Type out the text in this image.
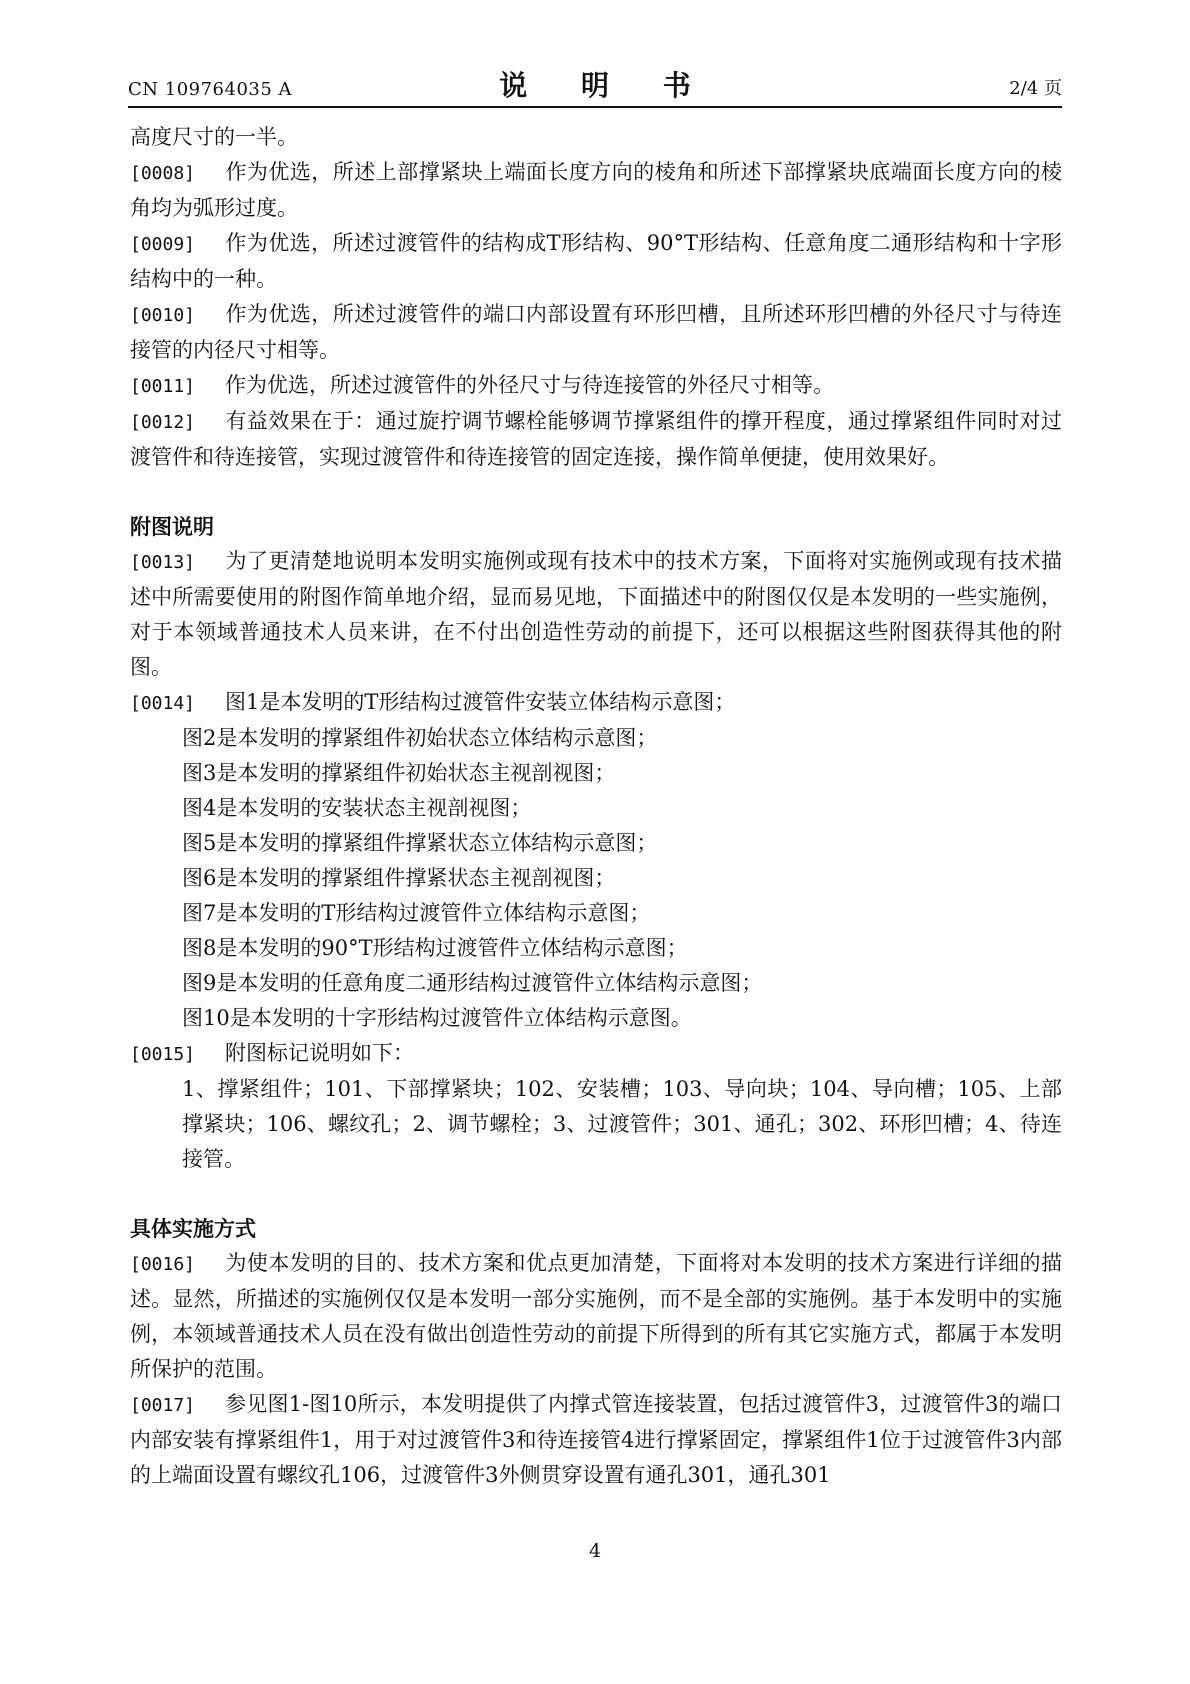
CN 109764035 A	说 明 书	2/4 页

高度尺寸的一半。

[0008] 作为优选，所述上部撑紧块上端面长度方向的棱角和所述下部撑紧块底端面长度方向的棱角均为弧形过度。

[0009] 作为优选，所述过渡管件的结构成T形结构、90°T形结构、任意角度二通形结构和十字形结构中的一种。

[0010] 作为优选，所述过渡管件的端口内部设置有环形凹槽，且所述环形凹槽的外径尺寸与待连接管的内径尺寸相等。

[0011] 作为优选，所述过渡管件的外径尺寸与待连接管的外径尺寸相等。

[0012] 有益效果在于：通过旋拧调节螺栓能够调节撑紧组件的撑开程度，通过撑紧组件同时对过渡管件和待连接管，实现过渡管件和待连接管的固定连接，操作简单便捷，使用效果好。

附图说明

[0013] 为了更清楚地说明本发明实施例或现有技术中的技术方案，下面将对实施例或现有技术描述中所需要使用的附图作简单地介绍，显而易见地，下面描述中的附图仅仅是本发明的一些实施例，对于本领域普通技术人员来讲，在不付出创造性劳动的前提下，还可以根据这些附图获得其他的附图。

[0014] 图1是本发明的T形结构过渡管件安装立体结构示意图；

图2是本发明的撑紧组件初始状态立体结构示意图；

图3是本发明的撑紧组件初始状态主视剖视图；

图4是本发明的安装状态主视剖视图；

图5是本发明的撑紧组件撑紧状态立体结构示意图；

图6是本发明的撑紧组件撑紧状态主视剖视图；

图7是本发明的T形结构过渡管件立体结构示意图；

图8是本发明的90°T形结构过渡管件立体结构示意图；

图9是本发明的任意角度二通形结构过渡管件立体结构示意图；

图10是本发明的十字形结构过渡管件立体结构示意图。

[0015] 附图标记说明如下：

1、撑紧组件；101、下部撑紧块；102、安装槽；103、导向块；104、导向槽；105、上部撑紧块；106、螺纹孔；2、调节螺栓；3、过渡管件；301、通孔；302、环形凹槽；4、待连接管。

具体实施方式

[0016] 为使本发明的目的、技术方案和优点更加清楚，下面将对本发明的技术方案进行详细的描述。显然，所描述的实施例仅仅是本发明一部分实施例，而不是全部的实施例。基于本发明中的实施例，本领域普通技术人员在没有做出创造性劳动的前提下所得到的所有其它实施方式，都属于本发明所保护的范围。

[0017] 参见图1-图10所示，本发明提供了内撑式管连接装置，包括过渡管件3，过渡管件3的端口内部安装有撑紧组件1，用于对过渡管件3和待连接管4进行撑紧固定，撑紧组件1位于过渡管件3内部的上端面设置有螺纹孔106，过渡管件3外侧贯穿设置有通孔301，通孔301

4
